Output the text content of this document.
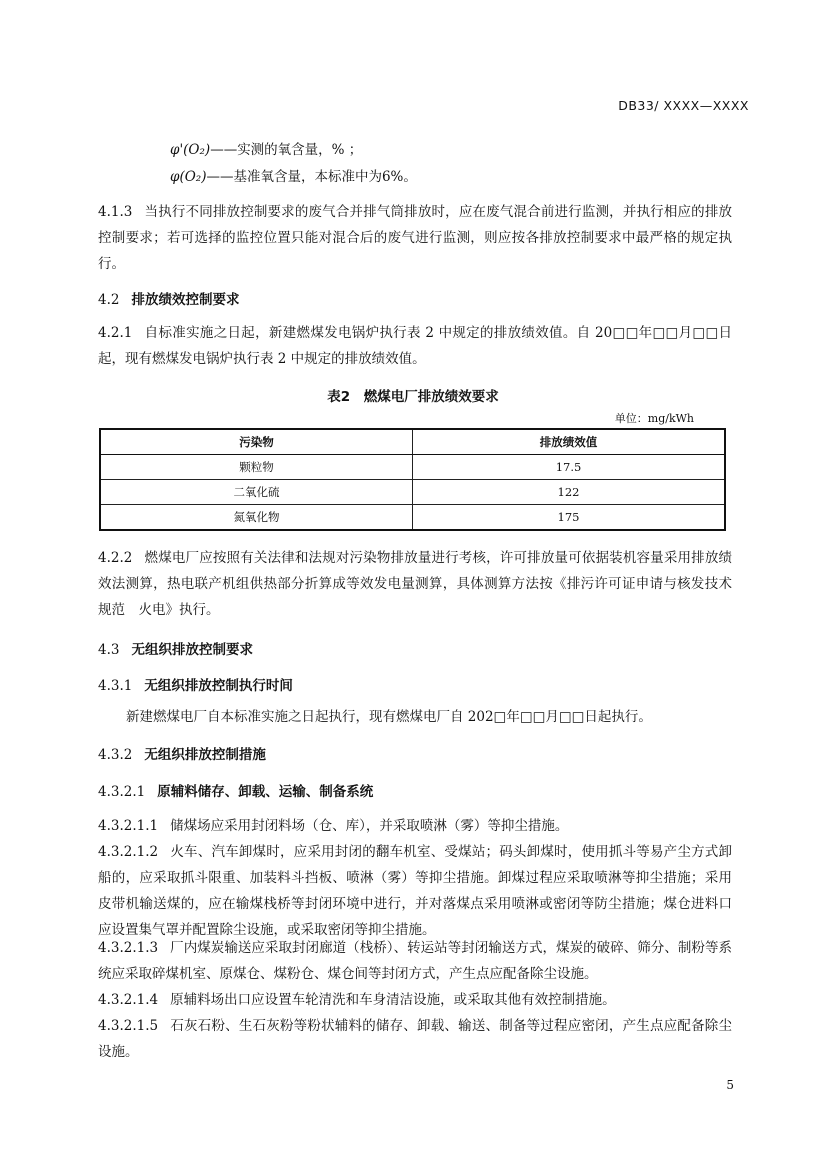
DB33/ XXXX—XXXX
φ'(O₂)——实测的氧含量，% ；
φ(O₂)——基准氧含量，本标准中为6%。
4.1.3 当执行不同排放控制要求的废气合并排气筒排放时，应在废气混合前进行监测，并执行相应的排放控制要求；若可选择的监控位置只能对混合后的废气进行监测，则应按各排放控制要求中最严格的规定执行。
4.2 排放绩效控制要求
4.2.1 自标准实施之日起，新建燃煤发电锅炉执行表 2 中规定的排放绩效值。自 20□□年□□月□□日起，现有燃煤发电锅炉执行表 2 中规定的排放绩效值。
表2　燃煤电厂排放绩效要求
单位：mg/kWh
污染物	排放绩效值
颗粒物	17.5
二氧化硫	122
氮氧化物	175
4.2.2 燃煤电厂应按照有关法律和法规对污染物排放量进行考核，许可排放量可依据装机容量采用排放绩效法测算，热电联产机组供热部分折算成等效发电量测算，具体测算方法按《排污许可证申请与核发技术规范　火电》执行。
4.3 无组织排放控制要求
4.3.1 无组织排放控制执行时间
新建燃煤电厂自本标准实施之日起执行，现有燃煤电厂自 202□年□□月□□日起执行。
4.3.2 无组织排放控制措施
4.3.2.1 原辅料储存、卸载、运输、制备系统
4.3.2.1.1 储煤场应采用封闭料场（仓、库），并采取喷淋（雾）等抑尘措施。
4.3.2.1.2 火车、汽车卸煤时，应采用封闭的翻车机室、受煤站；码头卸煤时，使用抓斗等易产尘方式卸船的，应采取抓斗限重、加装料斗挡板、喷淋（雾）等抑尘措施。卸煤过程应采取喷淋等抑尘措施；采用皮带机输送煤的，应在输煤栈桥等封闭环境中进行，并对落煤点采用喷淋或密闭等防尘措施；煤仓进料口应设置集气罩并配置除尘设施，或采取密闭等抑尘措施。
4.3.2.1.3 厂内煤炭输送应采取封闭廊道（栈桥）、转运站等封闭输送方式，煤炭的破碎、筛分、制粉等系统应采取碎煤机室、原煤仓、煤粉仓、煤仓间等封闭方式，产生点应配备除尘设施。
4.3.2.1.4 原辅料场出口应设置车轮清洗和车身清洁设施，或采取其他有效控制措施。
4.3.2.1.5 石灰石粉、生石灰粉等粉状辅料的储存、卸载、输送、制备等过程应密闭，产生点应配备除尘设施。
5
